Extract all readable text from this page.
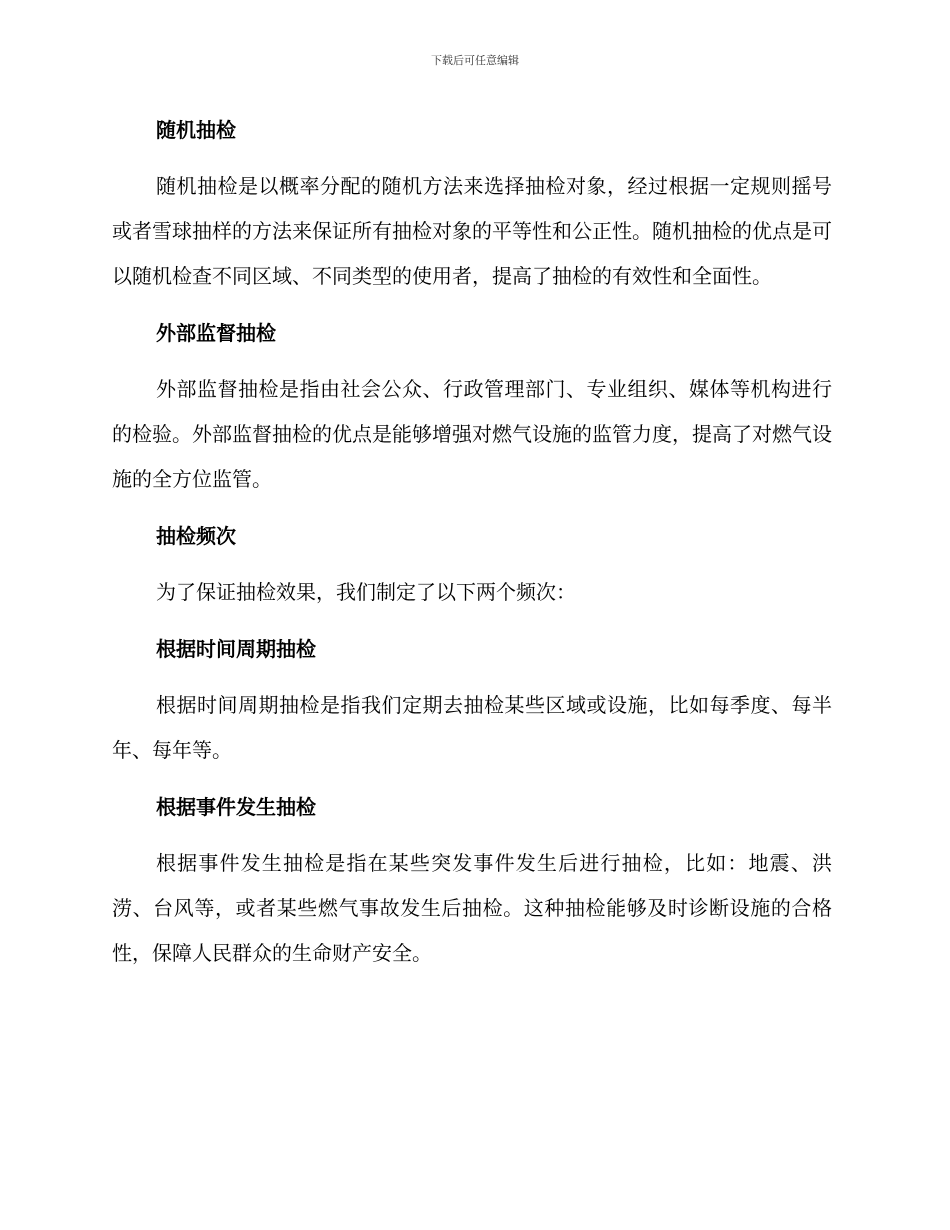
下载后可任意编辑
随机抽检

随机抽检是以概率分配的随机方法来选择抽检对象，经过根据一定规则摇号或者雪球抽样的方法来保证所有抽检对象的平等性和公正性。随机抽检的优点是可以随机检查不同区域、不同类型的使用者，提高了抽检的有效性和全面性。

外部监督抽检

外部监督抽检是指由社会公众、行政管理部门、专业组织、媒体等机构进行的检验。外部监督抽检的优点是能够增强对燃气设施的监管力度，提高了对燃气设施的全方位监管。

抽检频次

为了保证抽检效果，我们制定了以下两个频次：

根据时间周期抽检

根据时间周期抽检是指我们定期去抽检某些区域或设施，比如每季度、每半年、每年等。

根据事件发生抽检

根据事件发生抽检是指在某些突发事件发生后进行抽检，比如：地震、洪涝、台风等，或者某些燃气事故发生后抽检。这种抽检能够及时诊断设施的合格性，保障人民群众的生命财产安全。
